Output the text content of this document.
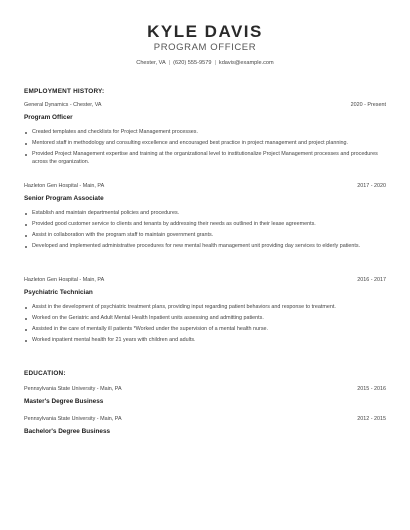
KYLE DAVIS
PROGRAM OFFICER
Chester, VA | (620) 555-9579 | kdavis@example.com
EMPLOYMENT HISTORY:
General Dynamics - Chester, VA	2020 - Present
Program Officer
Created templates and checklists for Project Management processes.
Mentored staff in methodology and consulting excellence and encouraged best practice in project management and project planning.
Provided Project Management expertise and training at the organizational level to institutionalize Project Management processes and procedures across the organization.
Hazleton Gen Hospital - Main, PA	2017 - 2020
Senior Program Associate
Establish and maintain departmental policies and procedures.
Provided good customer service to clients and tenants by addressing their needs as outlined in their lease agreements.
Assist in collaboration with the program staff to maintain government grants.
Developed and implemented administrative procedures for new mental health management unit providing day services to elderly patients.
Hazleton Gen Hospital - Main, PA	2016 - 2017
Psychiatric Technician
Assist in the development of psychiatric treatment plans, providing input regarding patient behaviors and response to treatment.
Worked on the Geriatric and Adult Mental Health Inpatient units assessing and admitting patients.
Assisted in the care of mentally ill patients *Worked under the supervision of a mental health nurse.
Worked inpatient mental health for 21 years with children and adults.
EDUCATION:
Pennsylvania State University - Main, PA	2015 - 2016
Master's Degree Business
Pennsylvania State University - Main, PA	2012 - 2015
Bachelor's Degree Business
